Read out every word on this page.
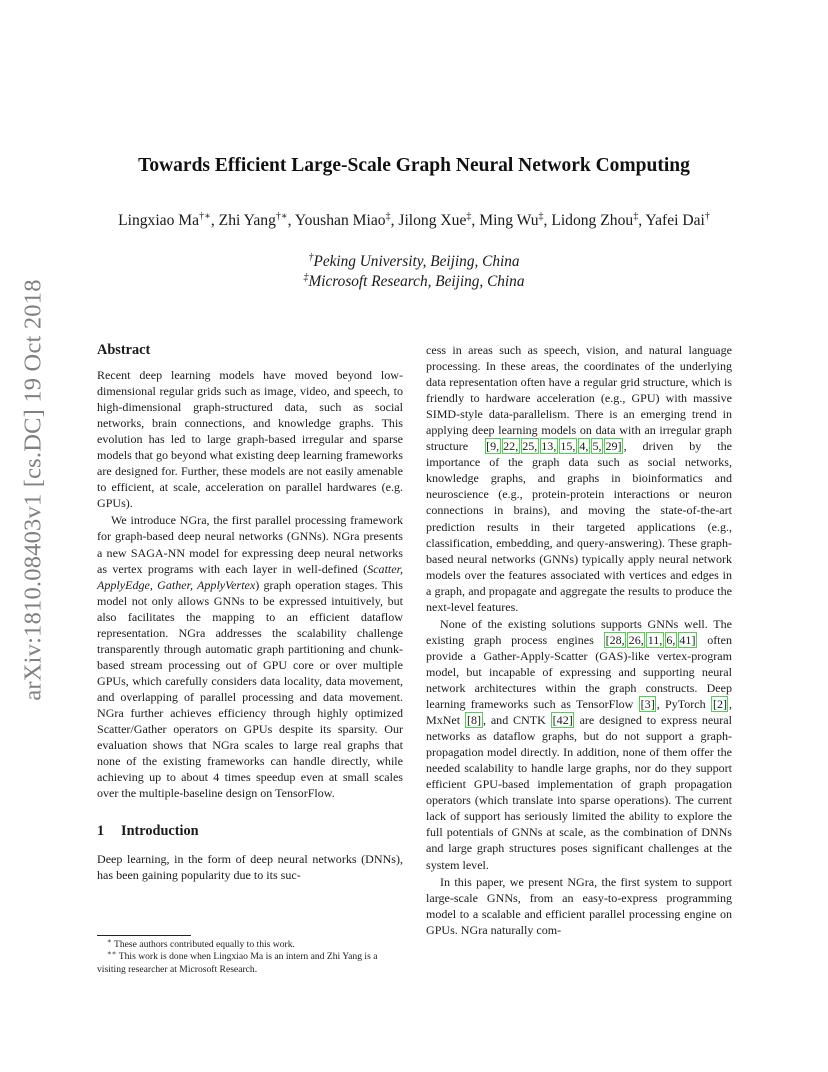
arXiv:1810.08403v1 [cs.DC] 19 Oct 2018
Towards Efficient Large-Scale Graph Neural Network Computing
Lingxiao Ma†∗, Zhi Yang†∗, Youshan Miao‡, Jilong Xue‡, Ming Wu‡, Lidong Zhou‡, Yafei Dai†
†Peking University, Beijing, China
‡Microsoft Research, Beijing, China
Abstract

Recent deep learning models have moved beyond low-dimensional regular grids such as image, video, and speech, to high-dimensional graph-structured data, such as social networks, brain connections, and knowledge graphs. This evolution has led to large graph-based irregular and sparse models that go beyond what existing deep learning frameworks are designed for. Further, these models are not easily amenable to efficient, at scale, acceleration on parallel hardwares (e.g. GPUs).

We introduce NGra, the first parallel processing framework for graph-based deep neural networks (GNNs). NGra presents a new SAGA-NN model for expressing deep neural networks as vertex programs with each layer in well-defined (Scatter, ApplyEdge, Gather, ApplyVertex) graph operation stages. This model not only allows GNNs to be expressed intuitively, but also facilitates the mapping to an efficient dataflow representation. NGra addresses the scalability challenge transparently through automatic graph partitioning and chunk-based stream processing out of GPU core or over multiple GPUs, which carefully considers data locality, data movement, and overlapping of parallel processing and data movement. NGra further achieves efficiency through highly optimized Scatter/Gather operators on GPUs despite its sparsity. Our evaluation shows that NGra scales to large real graphs that none of the existing frameworks can handle directly, while achieving up to about 4 times speedup even at small scales over the multiple-baseline design on TensorFlow.

1	Introduction

Deep learning, in the form of deep neural networks (DNNs), has been gaining popularity due to its suc-

∗ These authors contributed equally to this work.

∗∗ This work is done when Lingxiao Ma is an intern and Zhi Yang is a visiting researcher at Microsoft Research.

cess in areas such as speech, vision, and natural language processing. In these areas, the coordinates of the underlying data representation often have a regular grid structure, which is friendly to hardware acceleration (e.g., GPU) with massive SIMD-style data-parallelism. There is an emerging trend in applying deep learning models on data with an irregular graph structure [9, 22, 25, 13, 15, 4, 5, 29] , driven by the importance of the graph data such as social networks, knowledge graphs, and graphs in bioinformatics and neuroscience (e.g., protein-protein interactions or neuron connections in brains), and moving the state-of-the-art prediction results in their targeted applications (e.g., classification, embedding, and query-answering). These graph-based neural networks (GNNs) typically apply neural network models over the features associated with vertices and edges in a graph, and propagate and aggregate the results to produce the next-level features.

None of the existing solutions supports GNNs well. The existing graph process engines [28, 26, 11, 6, 41] often provide a Gather-Apply-Scatter (GAS)-like vertex-program model, but incapable of expressing and supporting neural network architectures within the graph constructs. Deep learning frameworks such as TensorFlow [3] , PyTorch [2] , MxNet [8] , and CNTK [42] are designed to express neural networks as dataflow graphs, but do not support a graph-propagation model directly. In addition, none of them offer the needed scalability to handle large graphs, nor do they support efficient GPU-based implementation of graph propagation operators (which translate into sparse operations). The current lack of support has seriously limited the ability to explore the full potentials of GNNs at scale, as the combination of DNNs and large graph structures poses significant challenges at the system level.

In this paper, we present NGra, the first system to support large-scale GNNs, from an easy-to-express programming model to a scalable and efficient parallel processing engine on GPUs. NGra naturally com-
